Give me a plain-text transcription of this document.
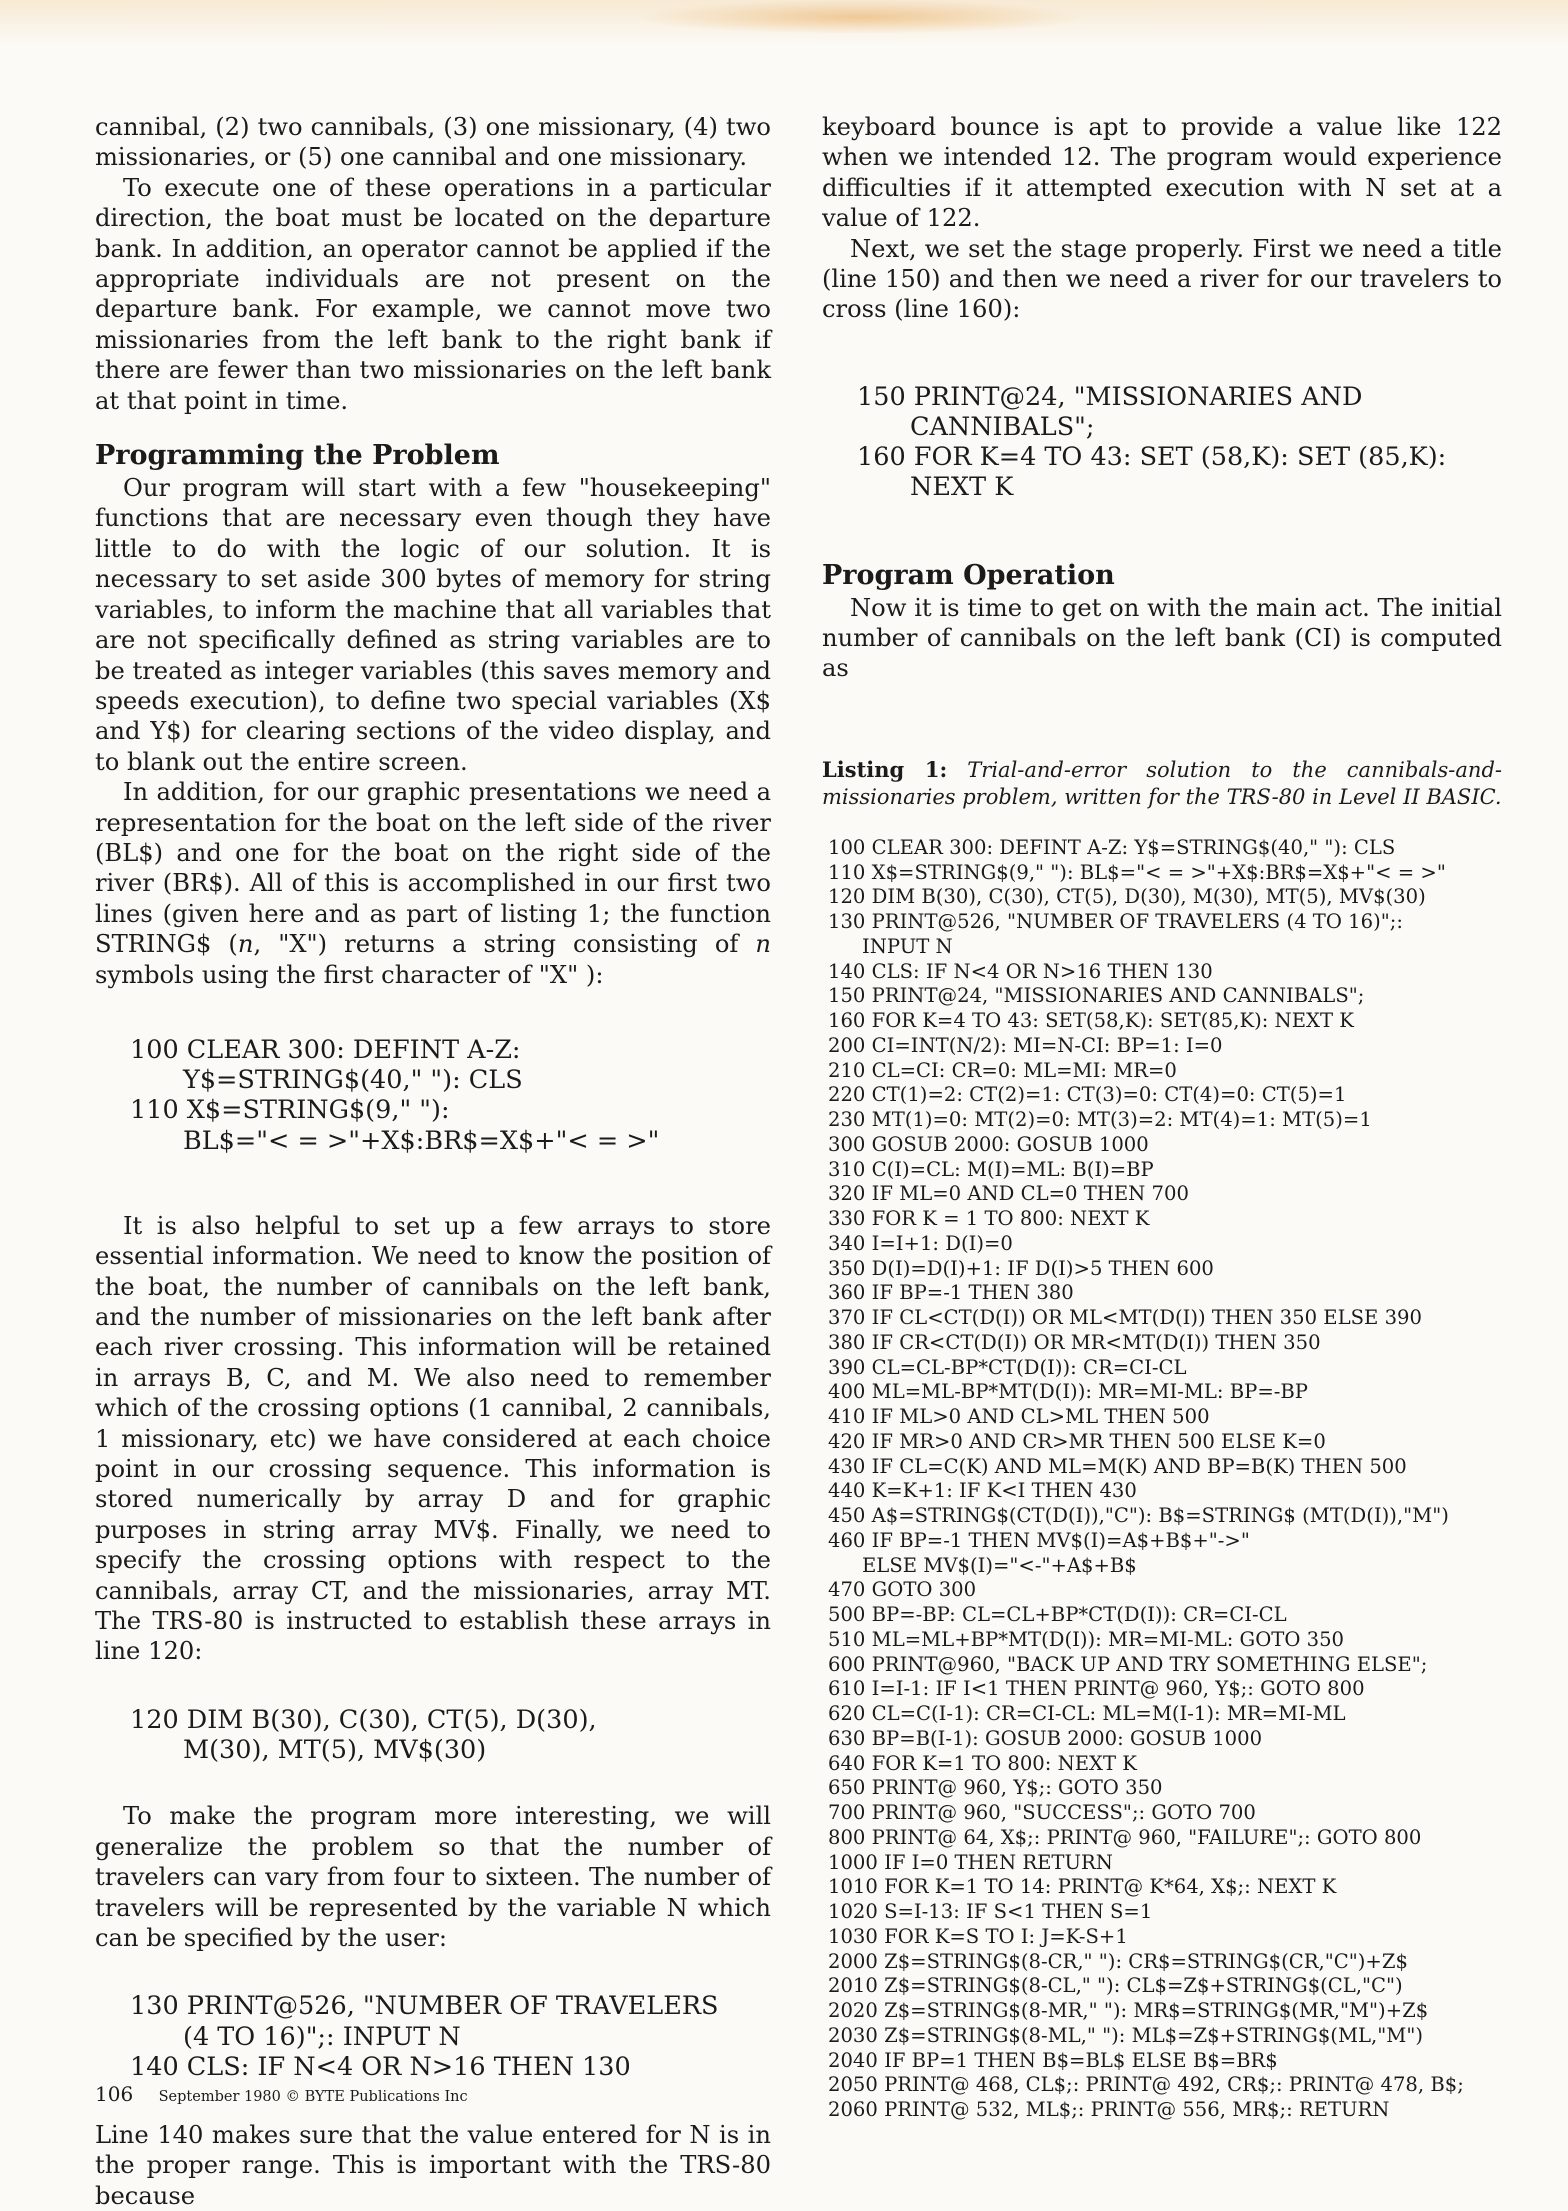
cannibal, (2) two cannibals, (3) one missionary, (4) two missionaries, or (5) one cannibal and one missionary.

To execute one of these operations in a particular direction, the boat must be located on the departure bank. In addition, an operator cannot be applied if the appropriate individuals are not present on the departure bank. For example, we cannot move two missionaries from the left bank to the right bank if there are fewer than two missionaries on the left bank at that point in time.

Programming the Problem

Our program will start with a few "housekeeping" functions that are necessary even though they have little to do with the logic of our solution. It is necessary to set aside 300 bytes of memory for string variables, to inform the machine that all variables that are not specifically defined as string variables are to be treated as integer variables (this saves memory and speeds execution), to define two special variables (X$ and Y$) for clearing sections of the video display, and to blank out the entire screen.

In addition, for our graphic presentations we need a representation for the boat on the left side of the river (BL$) and one for the boat on the right side of the river (BR$). All of this is accomplished in our first two lines (given here and as part of listing 1; the function STRING$ (n, "X") returns a string consisting of n symbols using the first character of "X" ):

100 CLEAR 300: DEFINT A-Z:
Y$=STRING$(40," "): CLS
110 X$=STRING$(9," "):
BL$="< = >"+X$:BR$=X$+"< = >"

It is also helpful to set up a few arrays to store essential information. We need to know the position of the boat, the number of cannibals on the left bank, and the number of missionaries on the left bank after each river crossing. This information will be retained in arrays B, C, and M. We also need to remember which of the crossing options (1 cannibal, 2 cannibals, 1 missionary, etc) we have considered at each choice point in our crossing sequence. This information is stored numerically by array D and for graphic purposes in string array MV$. Finally, we need to specify the crossing options with respect to the cannibals, array CT, and the missionaries, array MT. The TRS-80 is instructed to establish these arrays in line 120:

120 DIM B(30), C(30), CT(5), D(30),
M(30), MT(5), MV$(30)

To make the program more interesting, we will generalize the problem so that the number of travelers can vary from four to sixteen. The number of travelers will be represented by the variable N which can be specified by the user:

130 PRINT@526, "NUMBER OF TRAVELERS
(4 TO 16)";: INPUT N
140 CLS: IF N<4 OR N>16 THEN 130

Line 140 makes sure that the value entered for N is in the proper range. This is important with the TRS-80 because

keyboard bounce is apt to provide a value like 122 when we intended 12. The program would experience difficulties if it attempted execution with N set at a value of 122.

Next, we set the stage properly. First we need a title (line 150) and then we need a river for our travelers to cross (line 160):

150 PRINT@24, "MISSIONARIES AND
CANNIBALS";
160 FOR K=4 TO 43: SET (58,K): SET (85,K):
NEXT K
Program Operation

Now it is time to get on with the main act. The initial number of cannibals on the left bank (CI) is computed as

Listing 1: Trial-and-error solution to the cannibals-and-missionaries problem, written for the TRS-80 in Level II BASIC.

100 CLEAR 300: DEFINT A-Z: Y$=STRING$(40," "): CLS
110 X$=STRING$(9," "): BL$="< = >"+X$:BR$=X$+"< = >"
120 DIM B(30), C(30), CT(5), D(30), M(30), MT(5), MV$(30)
130 PRINT@526, "NUMBER OF TRAVELERS (4 TO 16)";:
INPUT N
140 CLS: IF N<4 OR N>16 THEN 130
150 PRINT@24, "MISSIONARIES AND CANNIBALS";
160 FOR K=4 TO 43: SET(58,K): SET(85,K): NEXT K
200 CI=INT(N/2): MI=N-CI: BP=1: I=0
210 CL=CI: CR=0: ML=MI: MR=0
220 CT(1)=2: CT(2)=1: CT(3)=0: CT(4)=0: CT(5)=1
230 MT(1)=0: MT(2)=0: MT(3)=2: MT(4)=1: MT(5)=1
300 GOSUB 2000: GOSUB 1000
310 C(I)=CL: M(I)=ML: B(I)=BP
320 IF ML=0 AND CL=0 THEN 700
330 FOR K = 1 TO 800: NEXT K
340 I=I+1: D(I)=0
350 D(I)=D(I)+1: IF D(I)>5 THEN 600
360 IF BP=-1 THEN 380
370 IF CL<CT(D(I)) OR ML<MT(D(I)) THEN 350 ELSE 390
380 IF CR<CT(D(I)) OR MR<MT(D(I)) THEN 350
390 CL=CL-BP*CT(D(I)): CR=CI-CL
400 ML=ML-BP*MT(D(I)): MR=MI-ML: BP=-BP
410 IF ML>0 AND CL>ML THEN 500
420 IF MR>0 AND CR>MR THEN 500 ELSE K=0
430 IF CL=C(K) AND ML=M(K) AND BP=B(K) THEN 500
440 K=K+1: IF K<I THEN 430
450 A$=STRING$(CT(D(I)),"C"): B$=STRING$ (MT(D(I)),"M")
460 IF BP=-1 THEN MV$(I)=A$+B$+"->"
ELSE MV$(I)="<-"+A$+B$
470 GOTO 300
500 BP=-BP: CL=CL+BP*CT(D(I)): CR=CI-CL
510 ML=ML+BP*MT(D(I)): MR=MI-ML: GOTO 350
600 PRINT@960, "BACK UP AND TRY SOMETHING ELSE";
610 I=I-1: IF I<1 THEN PRINT@ 960, Y$;: GOTO 800
620 CL=C(I-1): CR=CI-CL: ML=M(I-1): MR=MI-ML
630 BP=B(I-1): GOSUB 2000: GOSUB 1000
640 FOR K=1 TO 800: NEXT K
650 PRINT@ 960, Y$;: GOTO 350
700 PRINT@ 960, "SUCCESS";: GOTO 700
800 PRINT@ 64, X$;: PRINT@ 960, "FAILURE";: GOTO 800
1000 IF I=0 THEN RETURN
1010 FOR K=1 TO 14: PRINT@ K*64, X$;: NEXT K
1020 S=I-13: IF S<1 THEN S=1
1030 FOR K=S TO I: J=K-S+1
2000 Z$=STRING$(8-CR," "): CR$=STRING$(CR,"C")+Z$
2010 Z$=STRING$(8-CL," "): CL$=Z$+STRING$(CL,"C")
2020 Z$=STRING$(8-MR," "): MR$=STRING$(MR,"M")+Z$
2030 Z$=STRING$(8-ML," "): ML$=Z$+STRING$(ML,"M")
2040 IF BP=1 THEN B$=BL$ ELSE B$=BR$
2050 PRINT@ 468, CL$;: PRINT@ 492, CR$;: PRINT@ 478, B$;
2060 PRINT@ 532, ML$;: PRINT@ 556, MR$;: RETURN
106 September 1980 © BYTE Publications Inc
